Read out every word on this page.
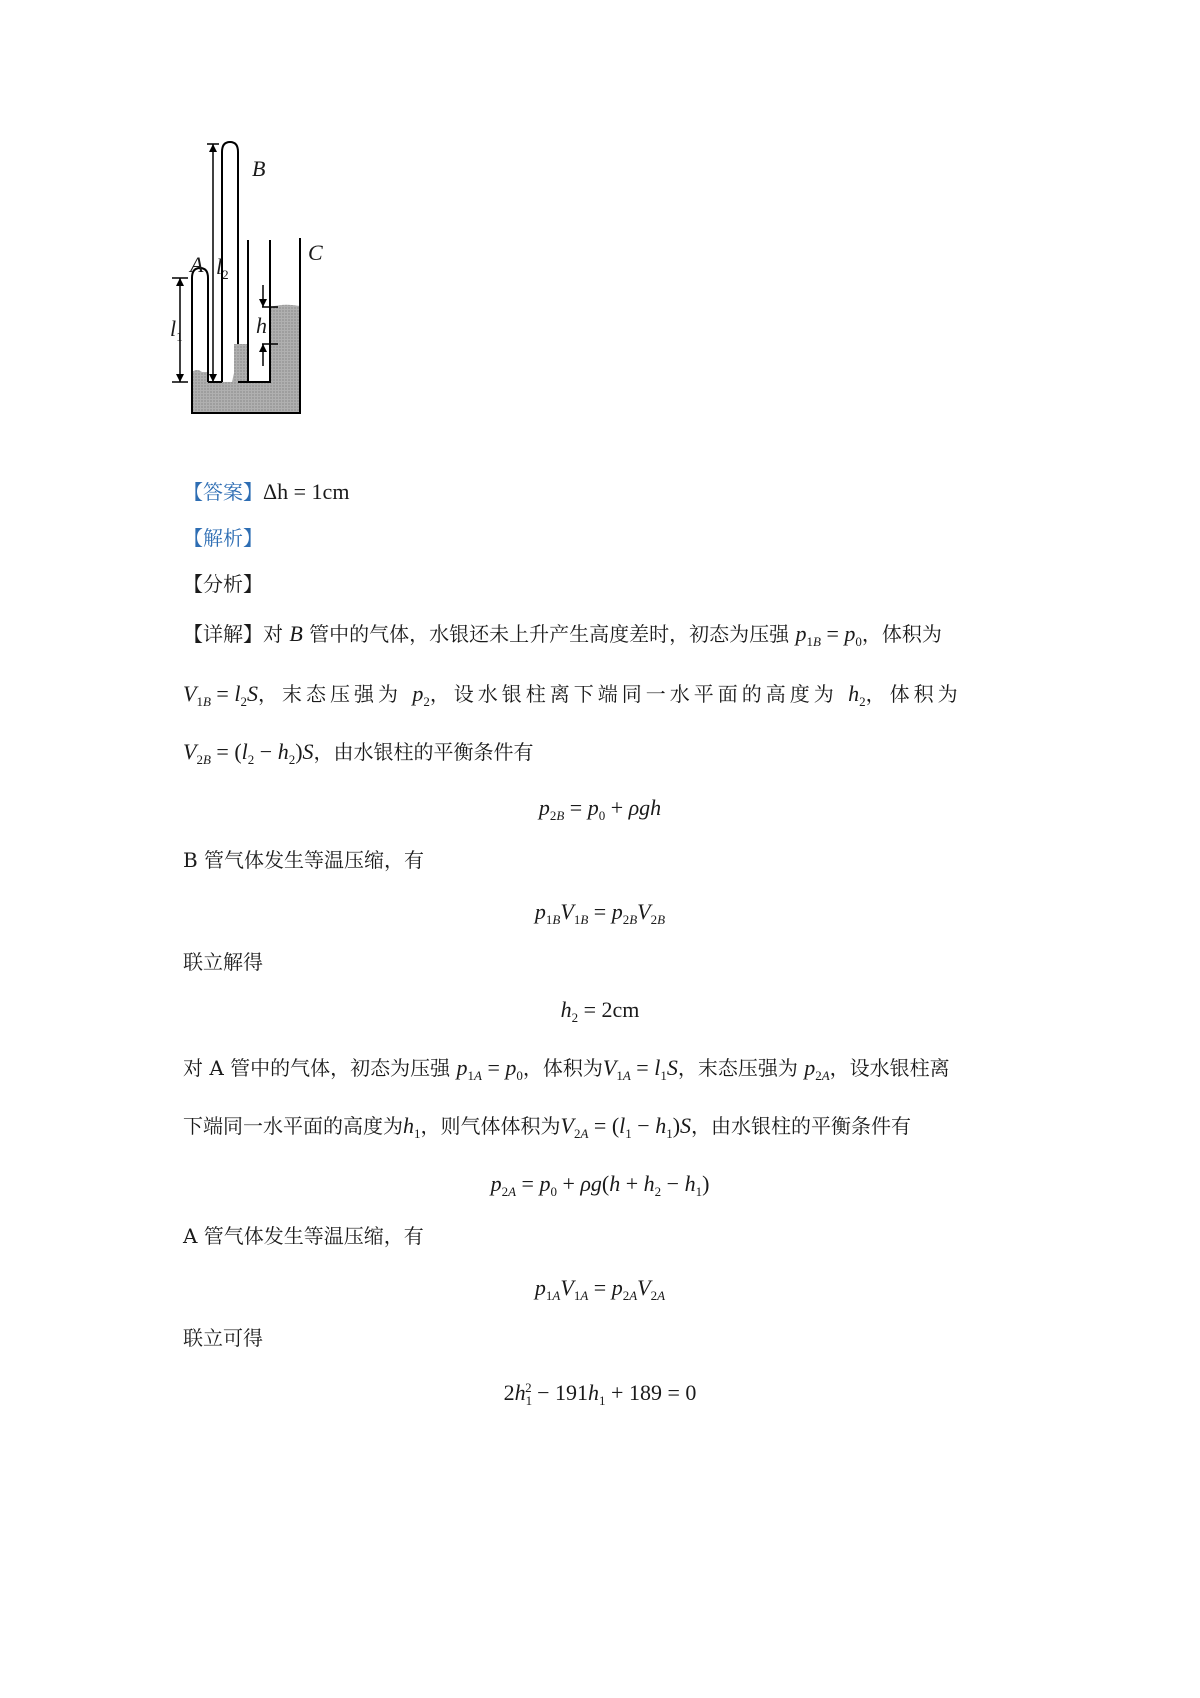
A
B
C
$l_1$
$l_2$
h
【答案】Δh = 1cm
【解析】
【分析】
【详解】对 B 管中的气体，水银还未上升产生高度差时，初态为压强 $p_{1B} = p_0$，体积为
$V_{1B} = l_2S$，末态压强为 $p_2$，设水银柱离下端同一水平面的高度为 $h_2$，体积为
$V_{2B} = (l_2 - h_2)S$，由水银柱的平衡条件有
$p_{2B} = p_0 + \rho gh$
B 管气体发生等温压缩，有
$p_{1B}V_{1B} = p_{2B}V_{2B}$
联立解得
$h_2 = 2cm$
对 A 管中的气体，初态为压强 $p_{1A} = p_0$，体积为$V_{1A} = l_1S$，末态压强为 $p_{2A}$，设水银柱离
下端同一水平面的高度为$h_1$，则气体体积为$V_{2A} = (l_1 - h_1)S$，由水银柱的平衡条件有
$p_{2A} = p_0 + \rho g(h + h_2 - h_1)$
A 管气体发生等温压缩，有
$p_{1A}V_{1A} = p_{2A}V_{2A}$
联立可得
$2h_1^2 - 191h_1 + 189 = 0$
